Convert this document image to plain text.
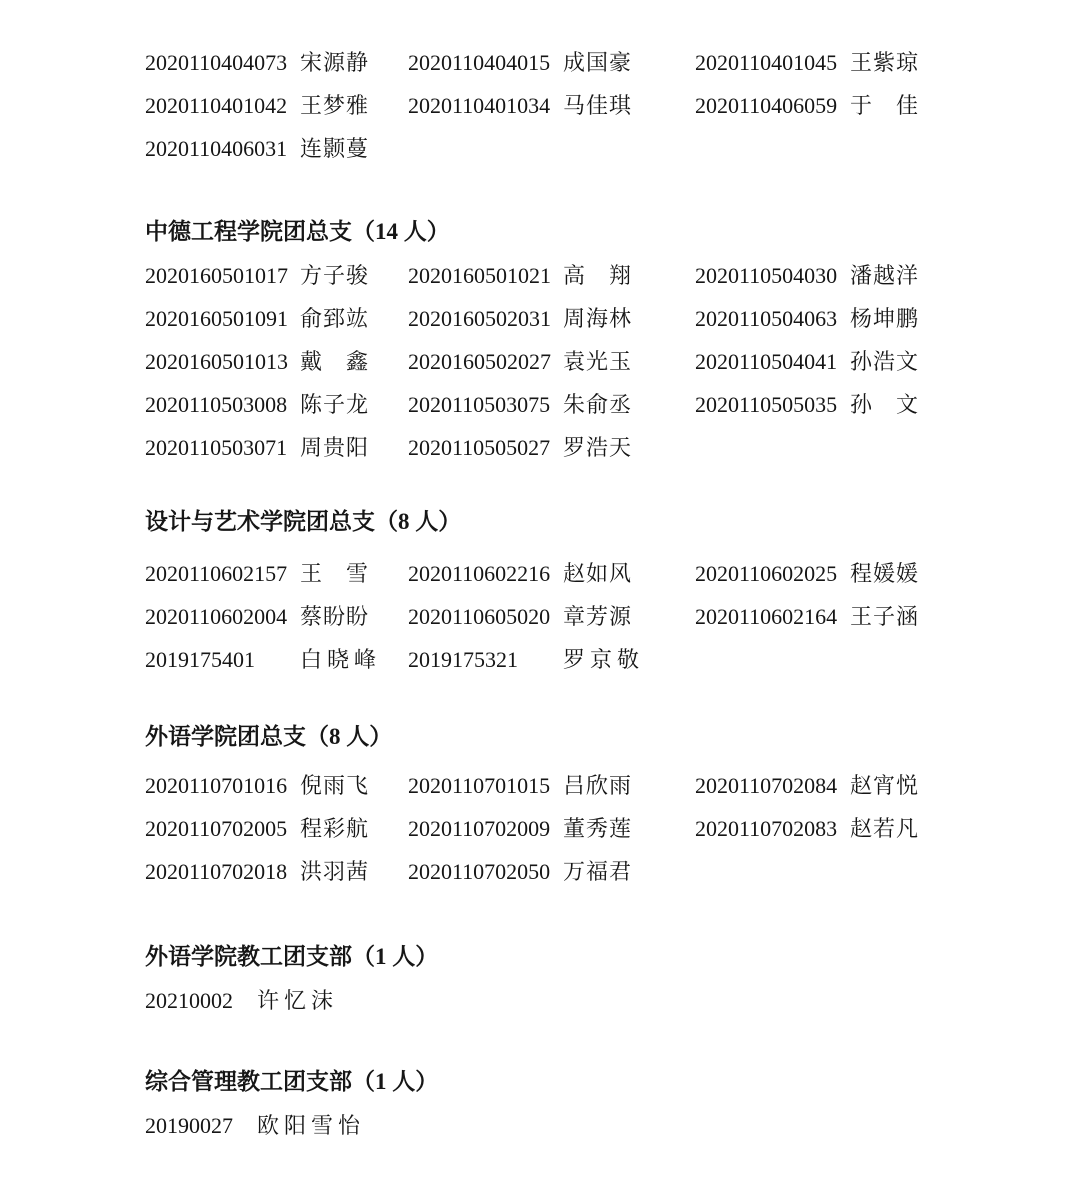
2020110404073 宋源静	2020110404015 成国豪	2020110401045 王紫琼
2020110401042 王梦雅	2020110401034 马佳琪	2020110406059 于　佳
2020110406031 连颢蔓
中德工程学院团总支（14 人）
2020160501017 方子骏	2020160501021 高　翔	2020110504030 潘越洋
2020160501091 俞郅竑	2020160502031 周海林	2020110504063 杨坤鹏
2020160501013 戴　鑫	2020160502027 袁光玉	2020110504041 孙浩文
2020110503008 陈子龙	2020110503075 朱俞丞	2020110505035 孙　文
2020110503071 周贵阳	2020110505027 罗浩天
设计与艺术学院团总支（8 人）
2020110602157 王　雪	2020110602216 赵如风	2020110602025 程媛媛
2020110602004 蔡盼盼	2020110605020 章芳源	2020110602164 王子涵
2019175401 白晓峰	2019175321 罗京敬
外语学院团总支（8 人）
2020110701016 倪雨飞	2020110701015 吕欣雨	2020110702084 赵宵悦
2020110702005 程彩航	2020110702009 董秀莲	2020110702083 赵若凡
2020110702018 洪羽茜	2020110702050 万福君
外语学院教工团支部（1 人）
20210002 许忆沫
综合管理教工团支部（1 人）
20190027 欧阳雪怡
